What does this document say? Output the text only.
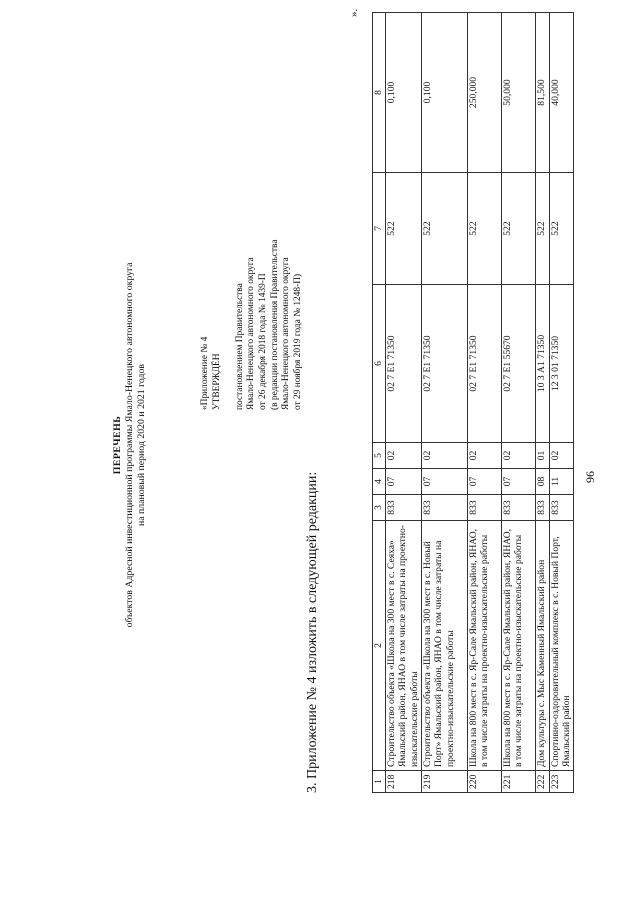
96
1	2	3	4	5	6	7	8
218	Строительство объекта «Школа на 300 мест в с. Сеяха» Ямальский район, ЯНАО в том числе затраты на проектно-изыскательские работы	833	07	02	02 7 Е1 71350	522	0,100
219	Строительство объекта «Школа на 300 мест в с. Новый Порт» Ямальский район, ЯНАО в том числе затраты на проектно-изыскательские работы	833	07	02	02 7 Е1 71350	522	0,100
220	Школа на 800 мест в с. Яр-Сале Ямальский район, ЯНАО, в том числе затраты на проектно-изыскательские работы	833	07	02	02 7 Е1 71350	522	250,000
221	Школа на 800 мест в с. Яр-Сале Ямальский район, ЯНАО, в том числе затраты на проектно-изыскательские работы	833	07	02	02 7 Е1 55670	522	50,000
222	Дом культуры с. Мыс Каменный Ямальский район	833	08	01	10 3 А1 71350	522	81,500
223	Спортивно-оздоровительный комплекс в с. Новый Порт, Ямальский район	833	11	02	12 3 01 71350	522	40,000
».
3. Приложение № 4 изложить в следующей редакции:
«Приложение № 4 УТВЕРЖДЁН постановлением Правительства Ямало-Ненецкого автономного округа от 26 декабря 2018 года № 1439-П (в редакции постановления Правительства Ямало-Ненецкого автономного округа от 29 ноября 2019 года № 1248-П)
ПЕРЕЧЕНЬ объектов Адресной инвестиционной программы Ямало-Ненецкого автономного округа на плановый период 2020 и 2021 годов
